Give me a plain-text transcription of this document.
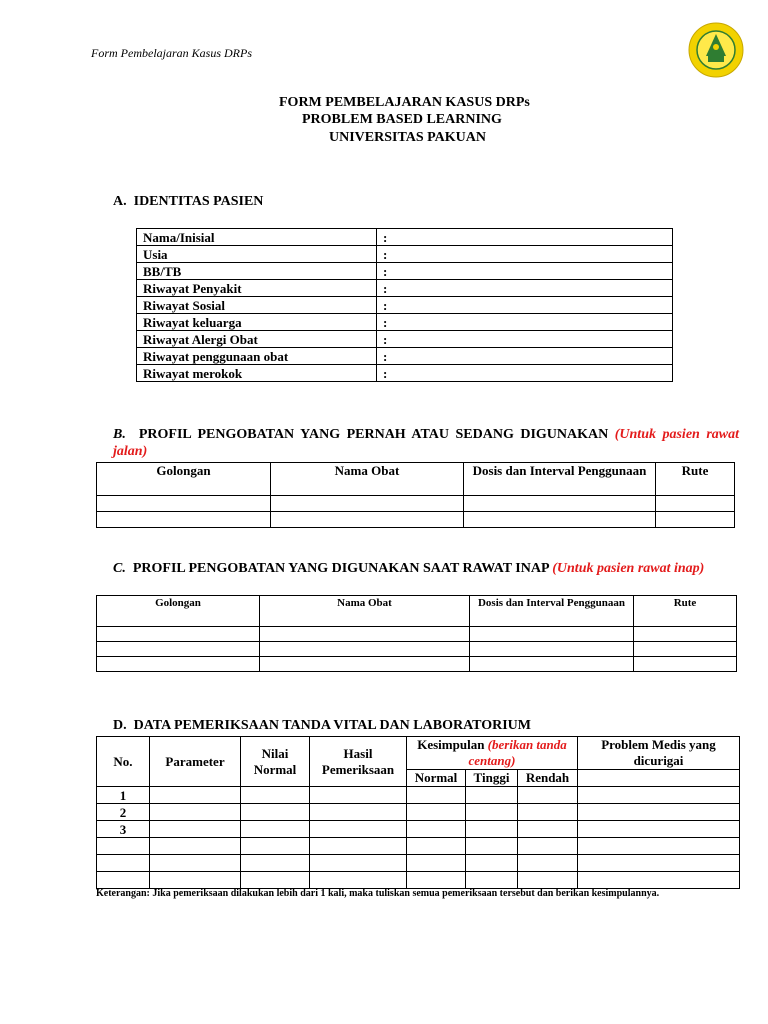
Form Pembelajaran Kasus DRPs
FORM PEMBELAJARAN KASUS DRPs
PROBLEM BASED LEARNING
UNIVERSITAS PAKUAN
A. IDENTITAS PASIEN
Nama/Inisial	:
Usia	:
BB/TB	:
Riwayat Penyakit	:
Riwayat Sosial	:
Riwayat keluarga	:
Riwayat Alergi Obat	:
Riwayat penggunaan obat	:
Riwayat merokok	:
B. PROFIL PENGOBATAN YANG PERNAH ATAU SEDANG DIGUNAKAN (Untuk pasien rawat jalan)
Golongan	Nama Obat	Dosis dan Interval Penggunaan	Rute

C. PROFIL PENGOBATAN YANG DIGUNAKAN SAAT RAWAT INAP (Untuk pasien rawat inap)
Golongan	Nama Obat	Dosis dan Interval Penggunaan	Rute

D. DATA PEMERIKSAAN TANDA VITAL DAN LABORATORIUM
No.	Parameter	Nilai Normal	Hasil Pemeriksaan	Kesimpulan (berikan tanda centang)			Problem Medis yang dicurigai
				Normal	Tinggi	Rendah	
1							
2							
3							

Keterangan: Jika pemeriksaan dilakukan lebih dari 1 kali, maka tuliskan semua pemeriksaan tersebut dan berikan kesimpulannya.
